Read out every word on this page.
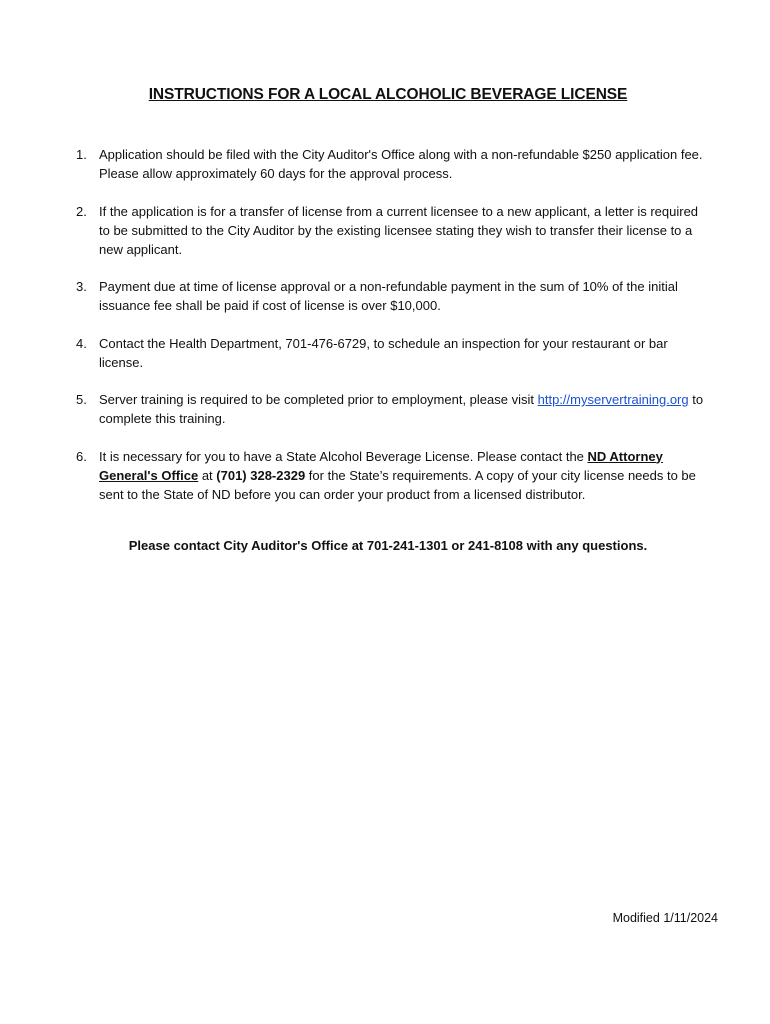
INSTRUCTIONS FOR A LOCAL ALCOHOLIC BEVERAGE LICENSE
1. Application should be filed with the City Auditor's Office along with a non-refundable $250 application fee. Please allow approximately 60 days for the approval process.
2. If the application is for a transfer of license from a current licensee to a new applicant, a letter is required to be submitted to the City Auditor by the existing licensee stating they wish to transfer their license to a new applicant.
3. Payment due at time of license approval or a non-refundable payment in the sum of 10% of the initial issuance fee shall be paid if cost of license is over $10,000.
4. Contact the Health Department, 701-476-6729, to schedule an inspection for your restaurant or bar license.
5. Server training is required to be completed prior to employment, please visit http://myservertraining.org to complete this training.
6. It is necessary for you to have a State Alcohol Beverage License. Please contact the ND Attorney General's Office at (701) 328-2329 for the State’s requirements. A copy of your city license needs to be sent to the State of ND before you can order your product from a licensed distributor.
Please contact City Auditor's Office at 701-241-1301 or 241-8108 with any questions.
Modified 1/11/2024
